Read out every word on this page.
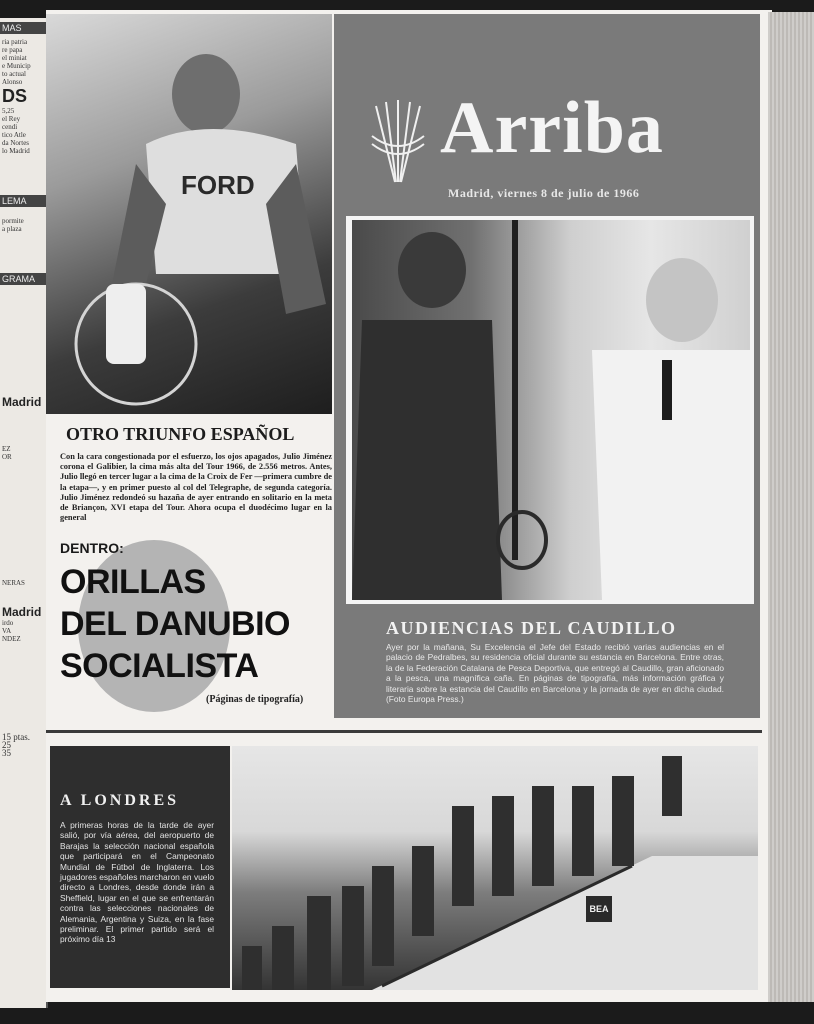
MAS
ria patria
re papa
el miniat
e Municip
to actual
Alonso
DS
5,25
el Rey
cendi
tico Atle
da Nortes
lo Madrid
LEMA
pormite
a plaza
GRAMA
Madrid
EZ
OR
NERAS
Madrid
irdo
VA
NDEZ
15 ptas.
25
35
FORD
Arriba
Madrid, viernes 8 de julio de 1966
AUDIENCIAS DEL CAUDILLO
Ayer por la mañana, Su Excelencia el Jefe del Estado recibió varias audiencias en el palacio de Pedralbes, su residencia oficial durante su estancia en Barcelona. Entre otras, la de la Federación Catalana de Pesca Deportiva, que entregó al Caudillo, gran aficionado a la pesca, una magnífica caña. En páginas de tipografía, más información gráfica y literaria sobre la estancia del Caudillo en Barcelona y la jornada de ayer en dicha ciudad. (Foto Europa Press.)
OTRO TRIUNFO ESPAÑOL
Con la cara congestionada por el esfuerzo, los ojos apagados, Julio Jiménez corona el Galibier, la cima más alta del Tour 1966, de 2.556 metros. Antes, Julio llegó en tercer lugar a la cima de la Croix de Fer —primera cumbre de la etapa—, y en primer puesto al col del Telegraphe, de segunda categoría. Julio Jiménez redondeó su hazaña de ayer entrando en solitario en la meta de Briançon, XVI etapa del Tour. Ahora ocupa el duodécimo lugar en la general
DENTRO:
ORILLAS
DEL DANUBIO
SOCIALISTA
(Páginas de tipografía)
A LONDRES
A primeras horas de la tarde de ayer salió, por vía aérea, del aeropuerto de Barajas la selección nacional española que participará en el Campeonato Mundial de Fútbol de Inglaterra. Los jugadores españoles marcharon en vuelo directo a Londres, desde donde irán a Sheffield, lugar en el que se enfrentarán contra las selecciones nacionales de Alemania, Argentina y Suiza, en la fase preliminar. El primer partido será el próximo día 13
BEA
